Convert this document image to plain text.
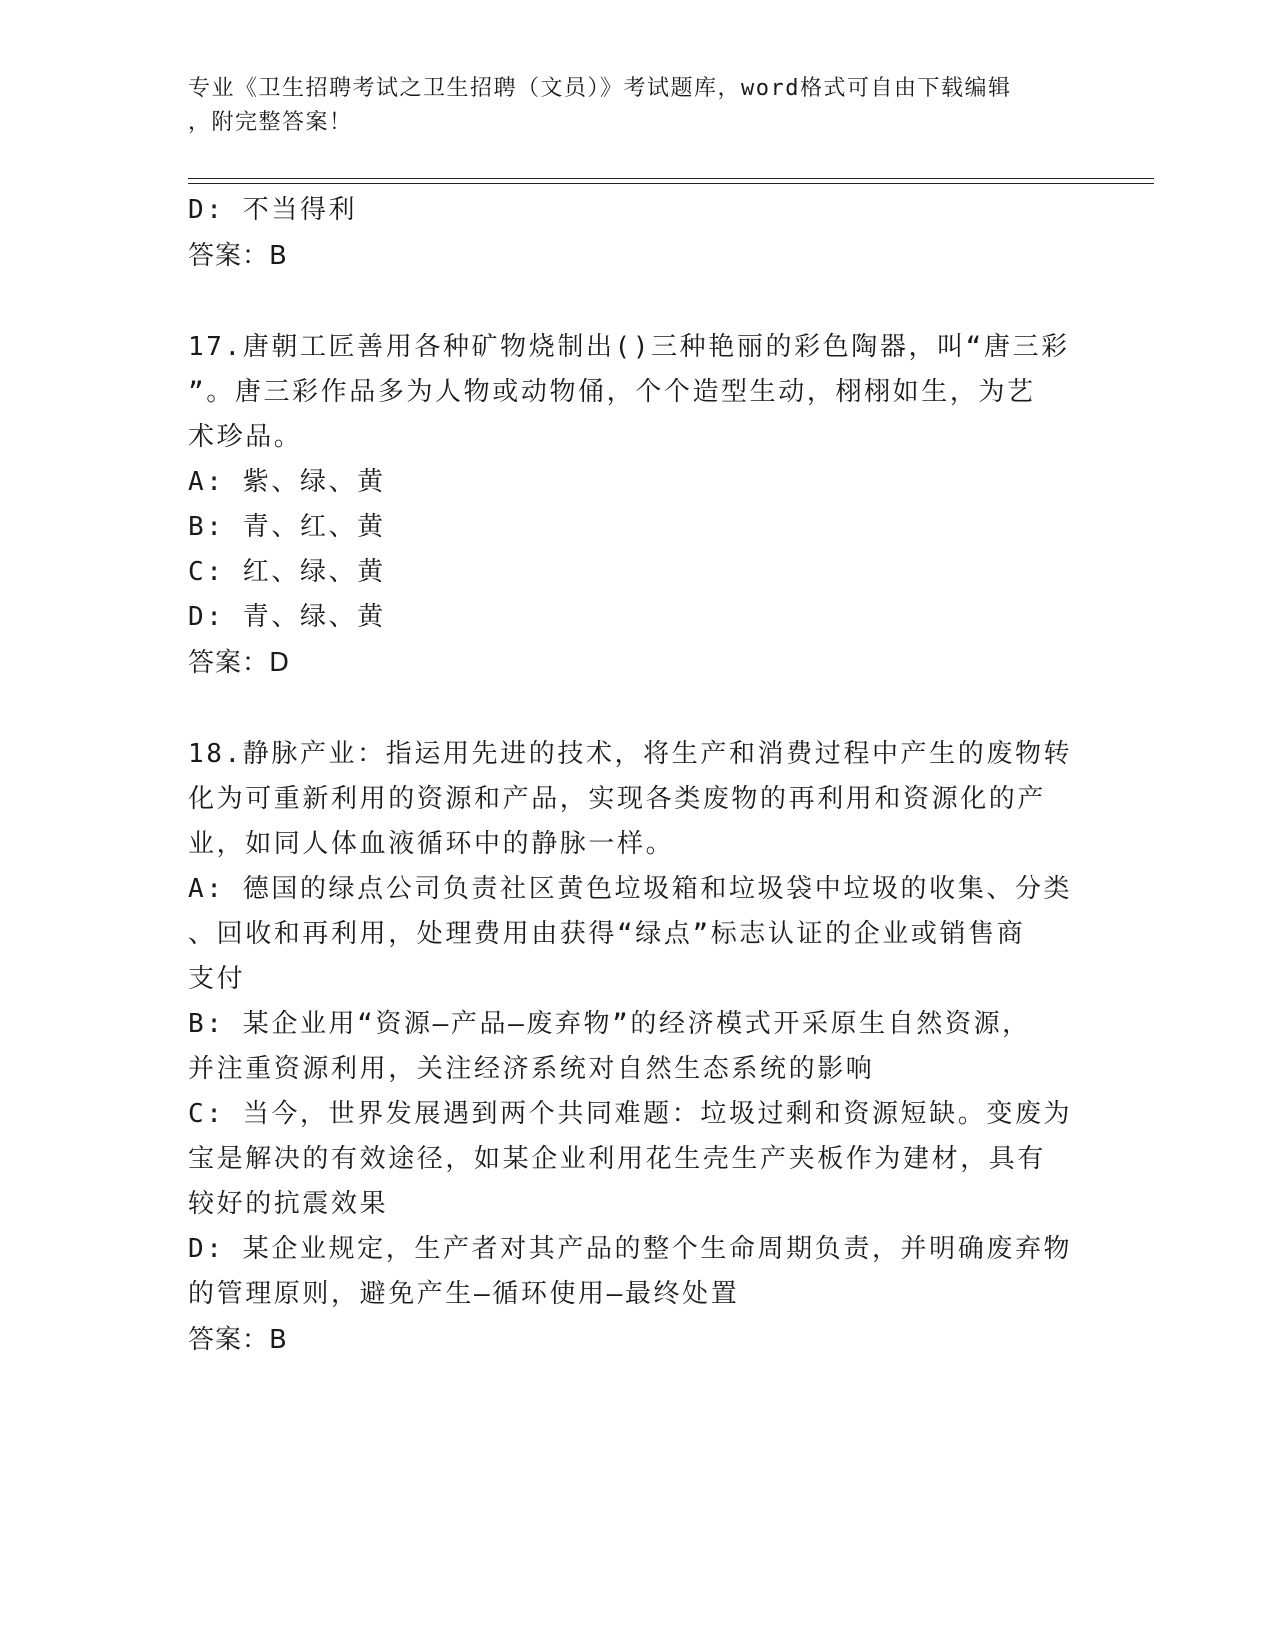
专业《卫生招聘考试之卫生招聘（文员）》考试题库，word格式可自由下载编辑
，附完整答案！
D: 不当得利
答案：B
17.唐朝工匠善用各种矿物烧制出()三种艳丽的彩色陶器，叫“唐三彩
”。唐三彩作品多为人物或动物俑，个个造型生动，栩栩如生，为艺
术珍品。
A: 紫、绿、黄
B: 青、红、黄
C: 红、绿、黄
D: 青、绿、黄
答案：D
18.静脉产业：指运用先进的技术，将生产和消费过程中产生的废物转
化为可重新利用的资源和产品，实现各类废物的再利用和资源化的产
业，如同人体血液循环中的静脉一样。
A: 德国的绿点公司负责社区黄色垃圾箱和垃圾袋中垃圾的收集、分类
、回收和再利用，处理费用由获得“绿点”标志认证的企业或销售商
支付
B: 某企业用“资源—产品—废弃物”的经济模式开采原生自然资源，
并注重资源利用，关注经济系统对自然生态系统的影响
C: 当今，世界发展遇到两个共同难题：垃圾过剩和资源短缺。变废为
宝是解决的有效途径，如某企业利用花生壳生产夹板作为建材，具有
较好的抗震效果
D: 某企业规定，生产者对其产品的整个生命周期负责，并明确废弃物
的管理原则，避免产生—循环使用—最终处置
答案：B
